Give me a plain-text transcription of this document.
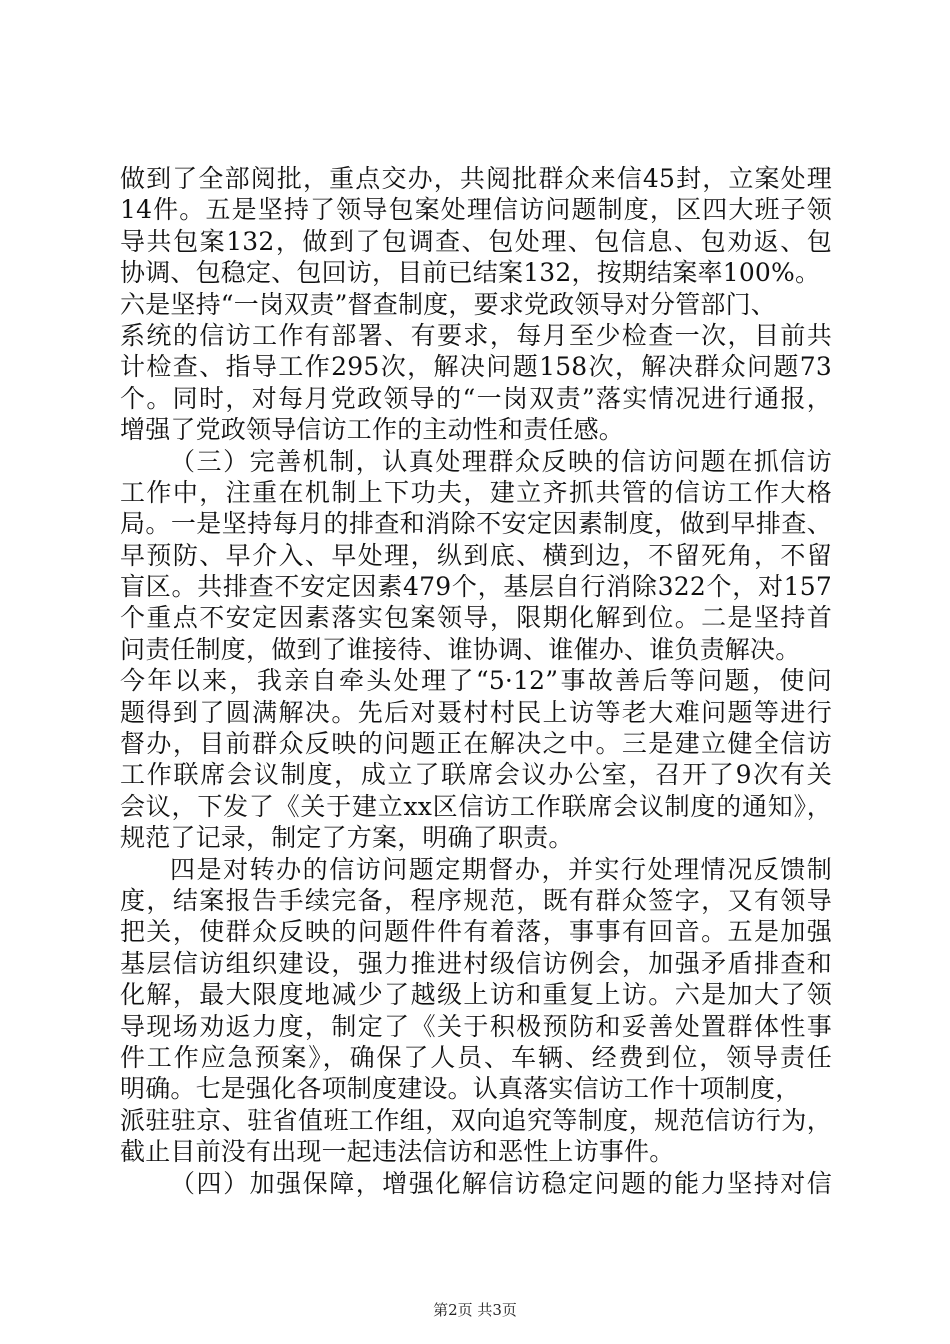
做到了全部阅批，重点交办，共阅批群众来信45封，立案处理
14件。五是坚持了领导包案处理信访问题制度，区四大班子领
导共包案132，做到了包调查、包处理、包信息、包劝返、包
协调、包稳定、包回访，目前已结案132，按期结案率100%。
六是坚持“一岗双责”督查制度，要求党政领导对分管部门、
系统的信访工作有部署、有要求，每月至少检查一次，目前共
计检查、指导工作295次，解决问题158次，解决群众问题73
个。同时，对每月党政领导的“一岗双责”落实情况进行通报，
增强了党政领导信访工作的主动性和责任感。
（三）完善机制，认真处理群众反映的信访问题在抓信访
工作中，注重在机制上下功夫，建立齐抓共管的信访工作大格
局。一是坚持每月的排查和消除不安定因素制度，做到早排查、
早预防、早介入、早处理，纵到底、横到边，不留死角，不留
盲区。共排查不安定因素479个，基层自行消除322个，对157
个重点不安定因素落实包案领导，限期化解到位。二是坚持首
问责任制度，做到了谁接待、谁协调、谁催办、谁负责解决。
今年以来，我亲自牵头处理了“5·12”事故善后等问题，使问
题得到了圆满解决。先后对聂村村民上访等老大难问题等进行
督办，目前群众反映的问题正在解决之中。三是建立健全信访
工作联席会议制度，成立了联席会议办公室，召开了9次有关
会议，下发了《关于建立xx区信访工作联席会议制度的通知》，
规范了记录，制定了方案，明确了职责。
四是对转办的信访问题定期督办，并实行处理情况反馈制
度，结案报告手续完备，程序规范，既有群众签字，又有领导
把关，使群众反映的问题件件有着落，事事有回音。五是加强
基层信访组织建设，强力推进村级信访例会，加强矛盾排查和
化解，最大限度地减少了越级上访和重复上访。六是加大了领
导现场劝返力度，制定了《关于积极预防和妥善处置群体性事
件工作应急预案》，确保了人员、车辆、经费到位，领导责任
明确。七是强化各项制度建设。认真落实信访工作十项制度，
派驻驻京、驻省值班工作组，双向追究等制度，规范信访行为，
截止目前没有出现一起违法信访和恶性上访事件。
（四）加强保障，增强化解信访稳定问题的能力坚持对信
第2页 共3页
